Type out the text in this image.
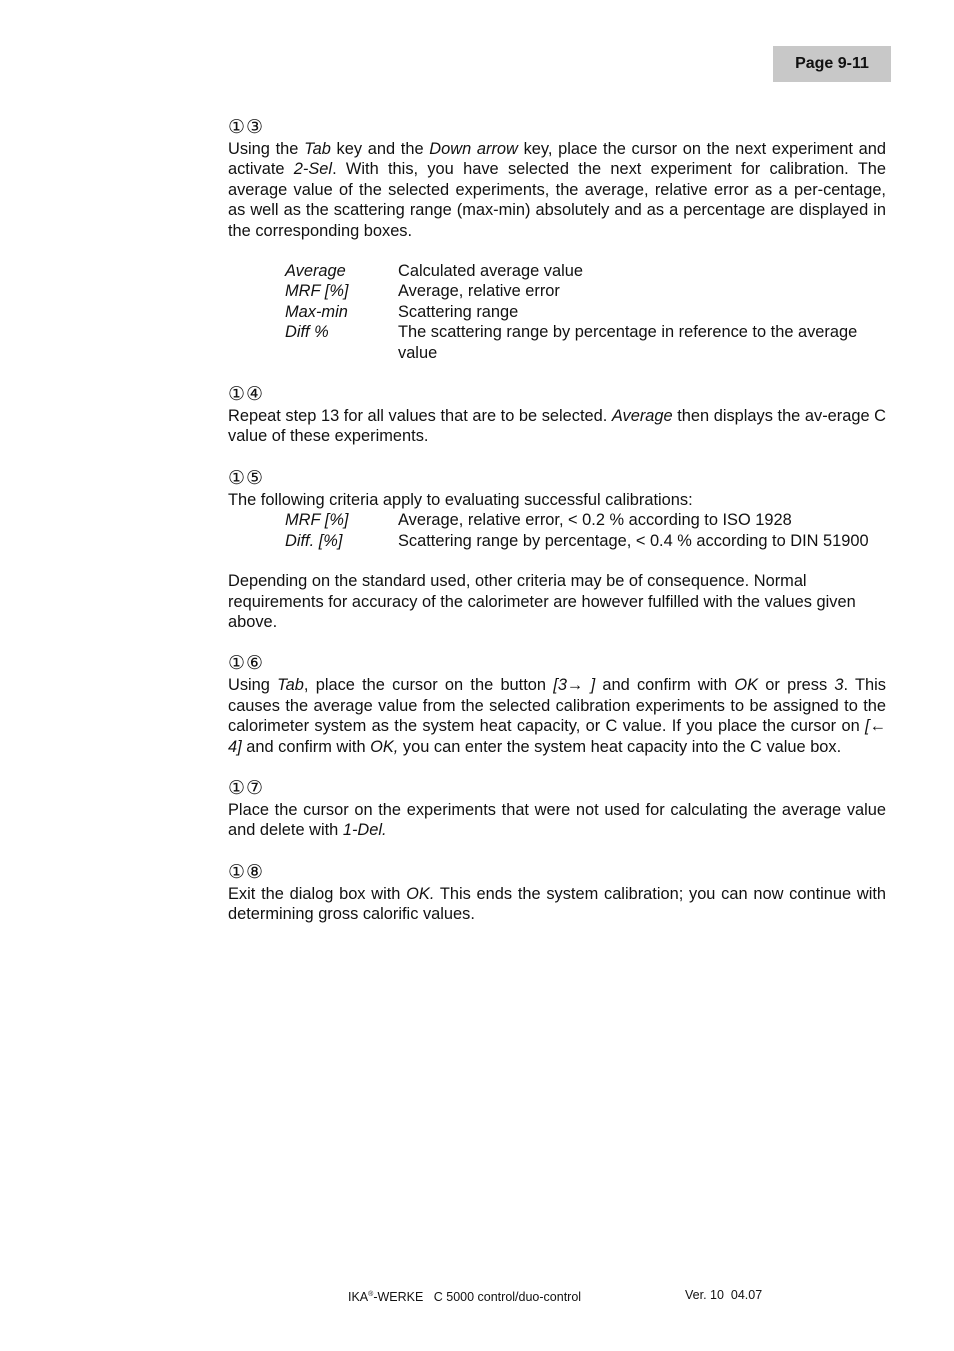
Page 9-11
①③

Using the Tab key and the Down arrow key, place the cursor on the next experiment and activate 2-Sel. With this, you have selected the next experiment for calibration. The average value of the selected experiments, the average, relative error as a per-centage, as well as the scattering range (max-min) absolutely and as a percentage are displayed in the corresponding boxes.

Average	Calculated average value
MRF [%]	Average, relative error
Max-min	Scattering range
Diff %	The scattering range by percentage in reference to the average value
①④

Repeat step 13 for all values that are to be selected. Average then displays the av-erage C value of these experiments.

①⑤

The following criteria apply to evaluating successful calibrations:

MRF [%]	Average, relative error, < 0.2 % according to ISO 1928
Diff. [%]	Scattering range by percentage, < 0.4 % according to DIN 51900

Depending on the standard used, other criteria may be of consequence. Normal requirements for accuracy of the calorimeter are however fulfilled with the values given above.

①⑥

Using Tab, place the cursor on the button [3→ ] and confirm with OK or press 3. This causes the average value from the selected calibration experiments to be assigned to the calorimeter system as the system heat capacity, or C value. If you place the cursor on [← 4] and confirm with OK, you can enter the system heat capacity into the C value box.

①⑦

Place the cursor on the experiments that were not used for calculating the average value and delete with 1-Del.

①⑧

Exit the dialog box with OK. This ends the system calibration; you can now continue with determining gross calorific values.

IKA®-WERKE   C 5000 control/duo-control	Ver. 10  04.07
